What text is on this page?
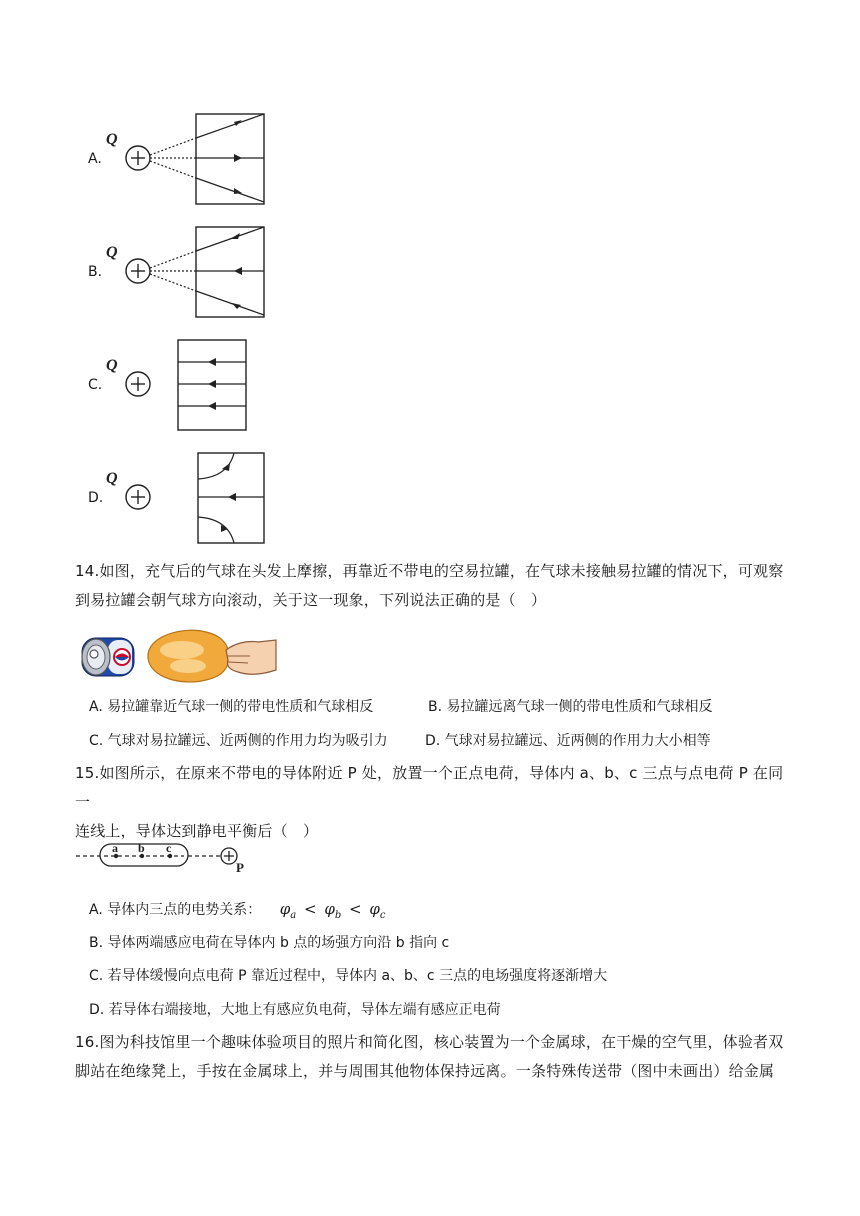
A.
Q
B.
Q
C.
Q
D.
Q
14.如图，充气后的气球在头发上摩擦，再靠近不带电的空易拉罐，在气球未接触易拉罐的情况下，可观察
到易拉罐会朝气球方向滚动，关于这一现象，下列说法正确的是（　）
A. 易拉罐靠近气球一侧的带电性质和气球相反	B. 易拉罐远离气球一侧的带电性质和气球相反
C. 气球对易拉罐远、近两侧的作用力均为吸引力	D. 气球对易拉罐远、近两侧的作用力大小相等
15.如图所示，在原来不带电的导体附近 P 处，放置一个正点电荷，导体内 a、b、c 三点与点电荷 P 在同一
连线上，导体达到静电平衡后（　）
a b c
P
A. 导体内三点的电势关系： $\varphi_a < \varphi_b < \varphi_c$
B. 导体两端感应电荷在导体内 b 点的场强方向沿 b 指向 c
C. 若导体缓慢向点电荷 P 靠近过程中，导体内 a、b、c 三点的电场强度将逐渐增大
D. 若导体右端接地，大地上有感应负电荷，导体左端有感应正电荷
16.图为科技馆里一个趣味体验项目的照片和简化图，核心装置为一个金属球，在干燥的空气里，体验者双
脚站在绝缘凳上，手按在金属球上，并与周围其他物体保持远离。一条特殊传送带（图中未画出）给金属
